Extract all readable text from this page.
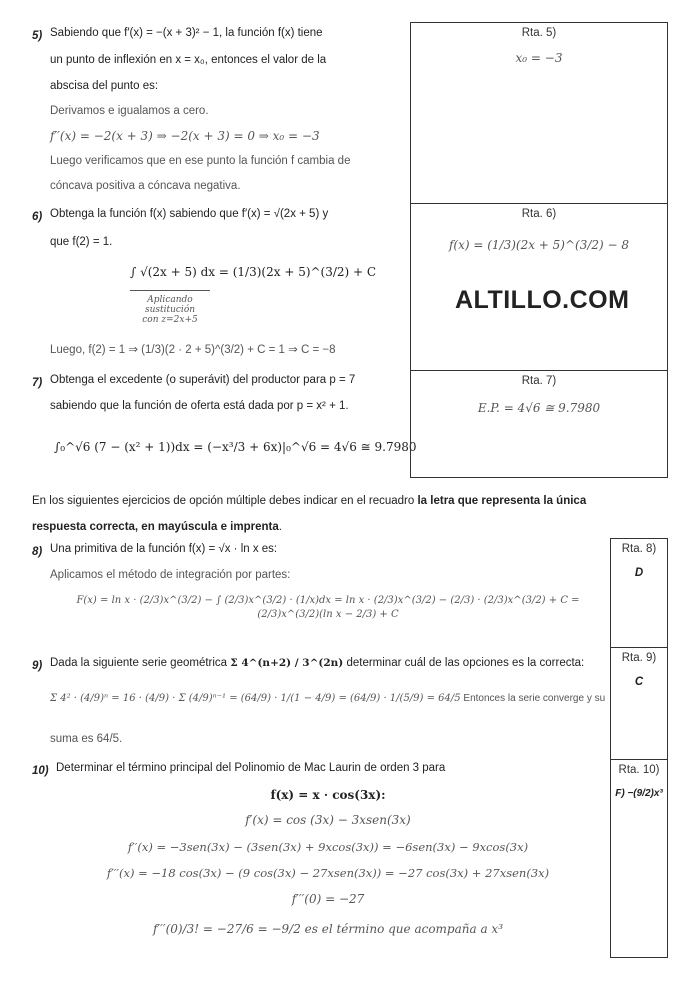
5) Sabiendo que f′(x) = −(x + 3)² − 1, la función f(x) tiene
un punto de inflexión en x = x₀, entonces el valor de la
abscisa del punto es:
Derivamos e igualamos a cero.
f′′(x) = −2(x + 3) ⇒ −2(x + 3) = 0 ⇒ x₀ = −3
Luego verificamos que en ese punto la función f cambia de
cóncava positiva a cóncava negativa.
Rta. 5)
x₀ = −3
6) Obtenga la función f(x) sabiendo que f′(x) = √(2x + 5) y
que f(2) = 1.
∫ √(2x + 5) dx = (1/3)(2x + 5)^(3/2) + C
Aplicando
sustitución
con z=2x+5
Luego, f(2) = 1 ⇒ (1/3)(2 · 2 + 5)^(3/2) + C = 1 ⇒ C = −8
Rta. 6)
f(x) = (1/3)(2x + 5)^(3/2) − 8
ALTILLO.COM
7) Obtenga el excedente (o superávit) del productor para p = 7
sabiendo que la función de oferta está dada por p = x² + 1.
∫₀^√6 (7 − (x² + 1))dx = (−x³/3 + 6x)|₀^√6 = 4√6 ≅ 9.7980
Rta. 7)
E.P. = 4√6 ≅ 9.7980
En los siguientes ejercicios de opción múltiple debes indicar en el recuadro la letra que representa la única
respuesta correcta, en mayúscula e imprenta.
8) Una primitiva de la función f(x) = √x · ln x es:
Aplicamos el método de integración por partes:
F(x) = ln x · (2/3)x^(3/2) − ∫ (2/3)x^(3/2) · (1/x)dx = ln x · (2/3)x^(3/2) − (2/3) · (2/3)x^(3/2) + C = (2/3)x^(3/2)(ln x − 2/3) + C
Rta. 8)
D
9) Dada la siguiente serie geométrica Σ 4^(n+2) / 3^(2n) determinar cuál de las opciones es la correcta:
Σ 4² · (4/9)ⁿ = 16 · (4/9) · Σ (4/9)ⁿ⁻¹ = (64/9) · 1/(1 − 4/9) = (64/9) · 1/(5/9) = 64/5 Entonces la serie converge y su
suma es 64/5.
Rta. 9)
C
10) Determinar el término principal del Polinomio de Mac Laurin de orden 3 para
f(x) = x · cos(3x):
f′(x) = cos (3x) − 3xsen(3x)
f′′(x) = −3sen(3x) − (3sen(3x) + 9xcos(3x)) = −6sen(3x) − 9xcos(3x)
f′′′(x) = −18 cos(3x) − (9 cos(3x) − 27xsen(3x)) = −27 cos(3x) + 27xsen(3x)
f′′′(0) = −27
f′′′(0)/3! = −27/6 = −9/2 es el término que acompaña a x³
Rta. 10)
F) −(9/2)x³
